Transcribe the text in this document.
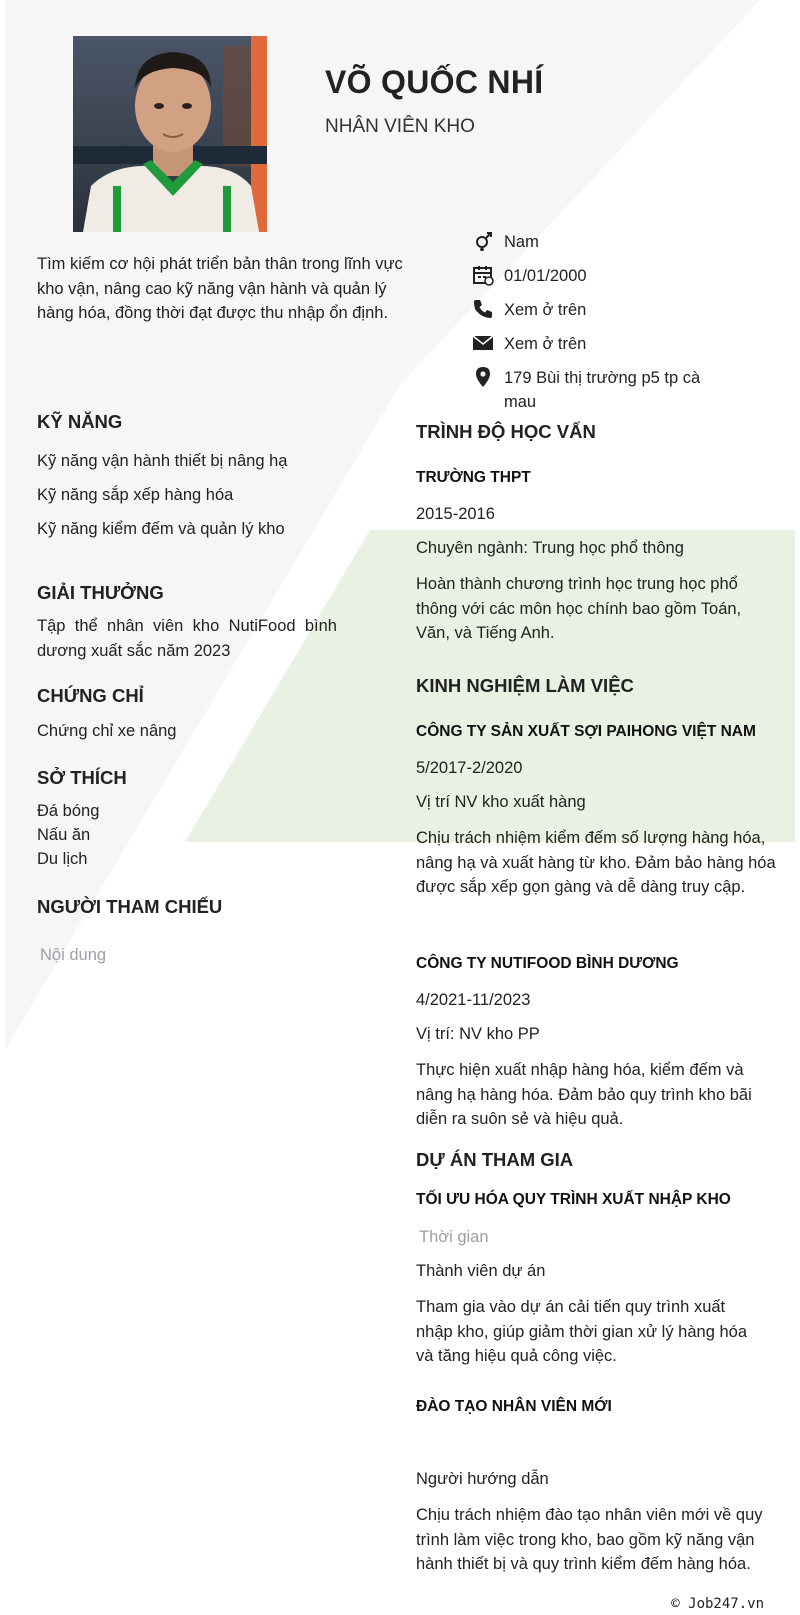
VÕ QUỐC NHÍ
NHÂN VIÊN KHO
Tìm kiếm cơ hội phát triển bản thân trong lĩnh vực kho vận, nâng cao kỹ năng vận hành và quản lý hàng hóa, đồng thời đạt được thu nhập ổn định.
Nam
01/01/2000
Xem ở trên
Xem ở trên
179 Bùi thị trường p5 tp cà mau
KỸ NĂNG
Kỹ năng vận hành thiết bị nâng hạ
Kỹ năng sắp xếp hàng hóa
Kỹ năng kiểm đếm và quản lý kho
GIẢI THƯỞNG
Tập thể nhân viên kho NutiFood bình dương xuất sắc năm 2023
CHỨNG CHỈ
Chứng chỉ xe nâng
SỞ THÍCH
Đá bóng
Nấu ăn
Du lịch
NGƯỜI THAM CHIẾU
Nội dung
TRÌNH ĐỘ HỌC VẤN
TRƯỜNG THPT
2015-2016
Chuyên ngành: Trung học phổ thông
Hoàn thành chương trình học trung học phổ thông với các môn học chính bao gồm Toán, Văn, và Tiếng Anh.
KINH NGHIỆM LÀM VIỆC
CÔNG TY SẢN XUẤT SỢI PAIHONG VIỆT NAM
5/2017-2/2020
Vị trí NV kho xuất hàng
Chịu trách nhiệm kiểm đếm số lượng hàng hóa, nâng hạ và xuất hàng từ kho. Đảm bảo hàng hóa được sắp xếp gọn gàng và dễ dàng truy cập.
CÔNG TY NUTIFOOD BÌNH DƯƠNG
4/2021-11/2023
Vị trí: NV kho PP
Thực hiện xuất nhập hàng hóa, kiểm đếm và nâng hạ hàng hóa. Đảm bảo quy trình kho bãi diễn ra suôn sẻ và hiệu quả.
DỰ ÁN THAM GIA
TỐI ƯU HÓA QUY TRÌNH XUẤT NHẬP KHO
Thời gian
Thành viên dự án
Tham gia vào dự án cải tiến quy trình xuất nhập kho, giúp giảm thời gian xử lý hàng hóa và tăng hiệu quả công việc.
ĐÀO TẠO NHÂN VIÊN MỚI
Người hướng dẫn
Chịu trách nhiệm đào tạo nhân viên mới về quy trình làm việc trong kho, bao gồm kỹ năng vận hành thiết bị và quy trình kiểm đếm hàng hóa.
© Job247.vn
